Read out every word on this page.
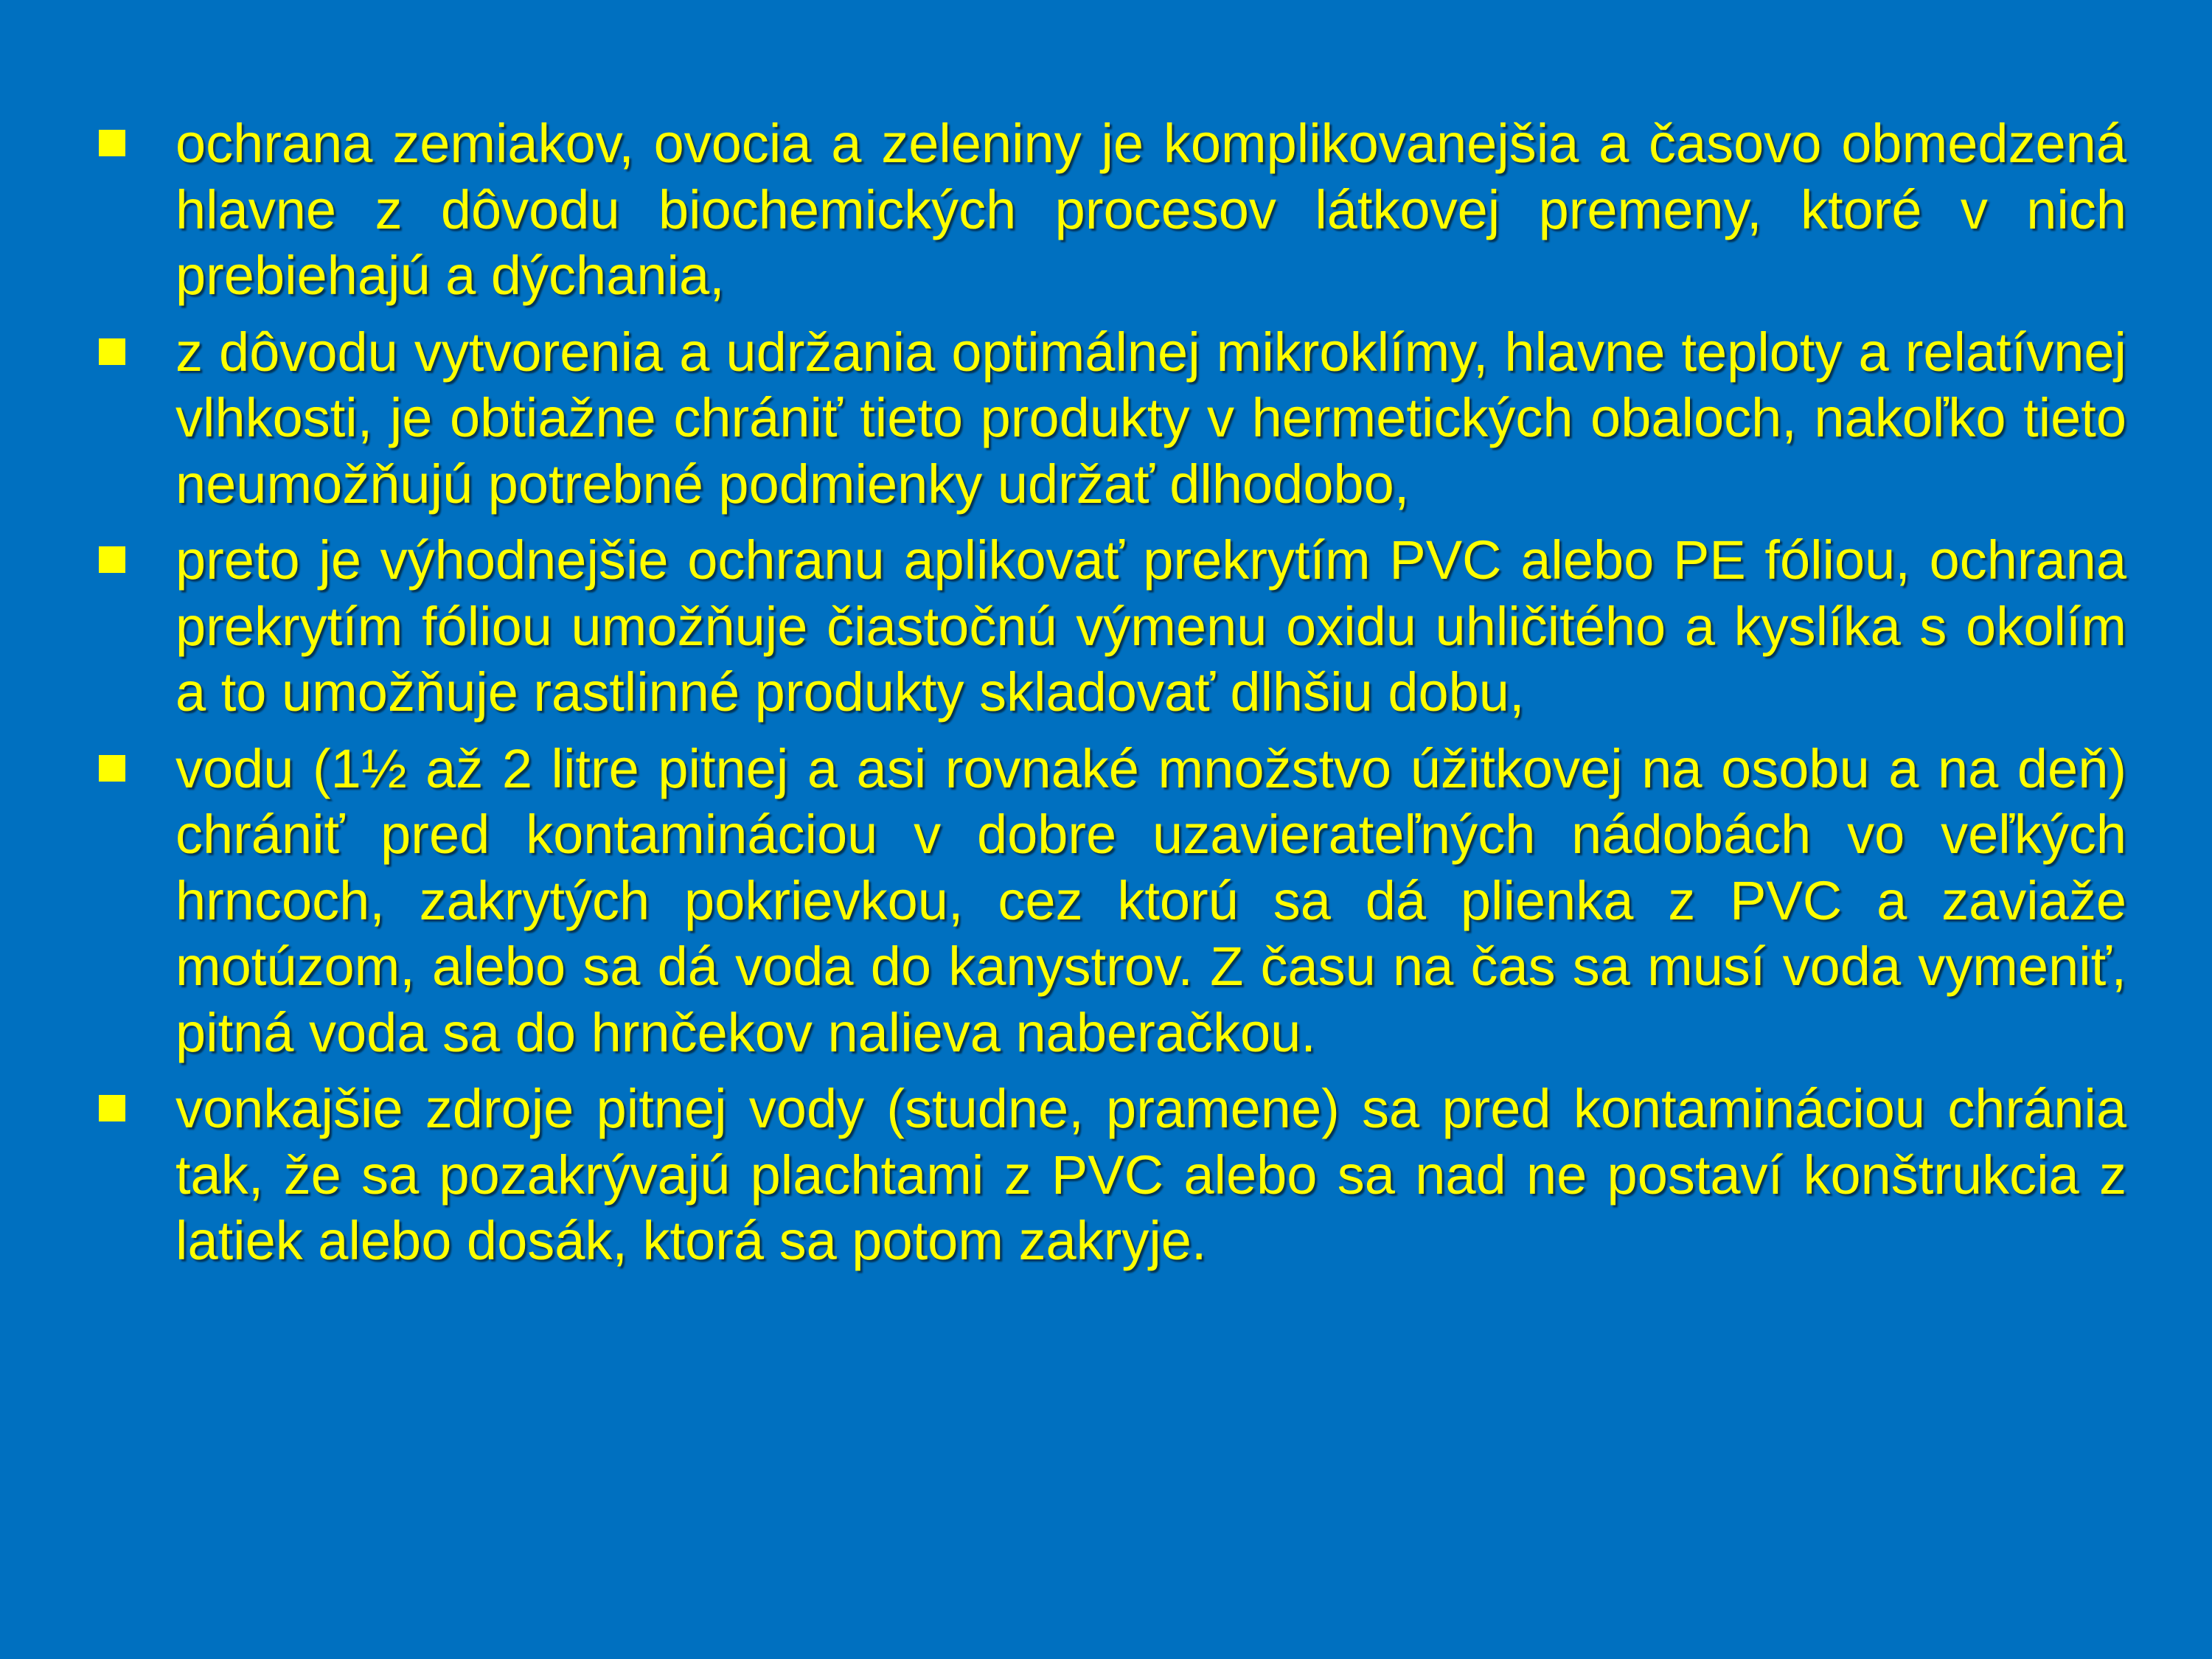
ochrana zemiakov, ovocia a zeleniny je komplikovanejšia a časovo obmedzená hlavne z dôvodu biochemických procesov látkovej premeny, ktoré v nich prebiehajú a dýchania,
z dôvodu vytvorenia a udržania optimálnej mikroklímy, hlavne teploty a relatívnej vlhkosti, je obtiažne chrániť tieto produkty v hermetických obaloch, nakoľko tieto neumožňujú potrebné podmienky udržať dlhodobo,
preto je výhodnejšie ochranu aplikovať prekrytím PVC alebo PE fóliou, ochrana prekrytím fóliou umožňuje čiastočnú výmenu oxidu uhličitého a kyslíka s okolím a to umožňuje rastlinné produkty skladovať dlhšiu dobu,
vodu (1½ až 2 litre pitnej a asi rovnaké množstvo úžitkovej na osobu a na deň) chrániť pred kontamináciou v dobre uzavierateľných nádobách vo veľkých hrncoch, zakrytých pokrievkou, cez ktorú sa dá plienka z PVC a zaviaže motúzom, alebo sa dá voda do kanystrov. Z času na čas sa musí voda vymeniť, pitná voda sa do hrnčekov nalieva naberačkou.
vonkajšie zdroje pitnej vody (studne, pramene) sa pred kontamináciou chránia tak, že sa pozakrývajú plachtami z PVC alebo sa nad ne postaví konštrukcia z latiek alebo dosák, ktorá sa potom zakryje.
